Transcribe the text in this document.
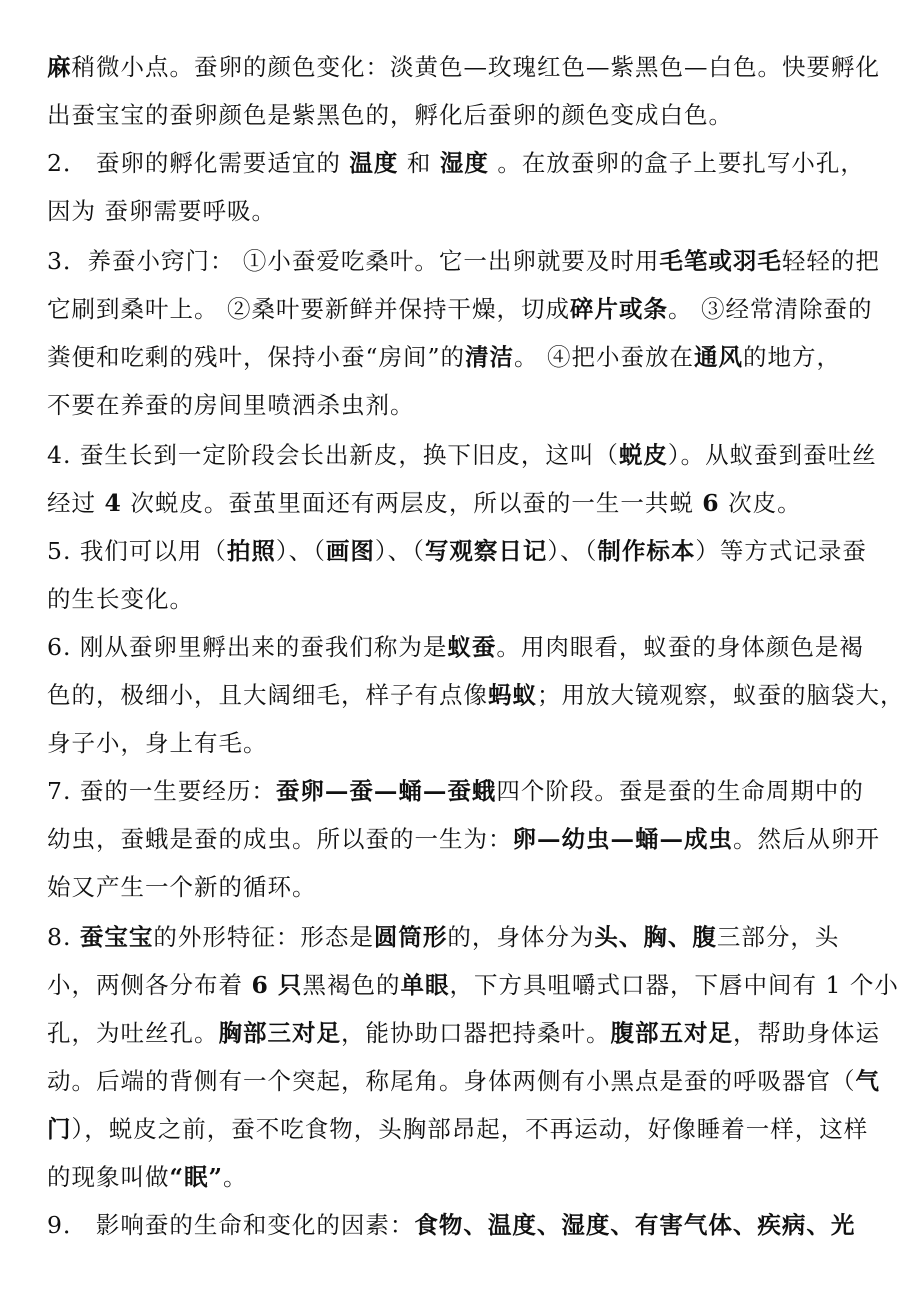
麻稍微小点。蚕卵的颜色变化：淡黄色—玫瑰红色—紫黑色—白色。快要孵化
出蚕宝宝的蚕卵颜色是紫黑色的，孵化后蚕卵的颜色变成白色。
2． 蚕卵的孵化需要适宜的 温度 和 湿度 。在放蚕卵的盒子上要扎写小孔，
因为 蚕卵需要呼吸。
3．养蚕小窍门： ①小蚕爱吃桑叶。它一出卵就要及时用毛笔或羽毛轻轻的把
它刷到桑叶上。 ②桑叶要新鲜并保持干燥，切成碎片或条。 ③经常清除蚕的
粪便和吃剩的残叶，保持小蚕“房间”的清洁。 ④把小蚕放在通风的地方，
不要在养蚕的房间里喷洒杀虫剂。
4. 蚕生长到一定阶段会长出新皮，换下旧皮，这叫（蜕皮）。从蚁蚕到蚕吐丝
经过 4 次蜕皮。蚕茧里面还有两层皮，所以蚕的一生一共蜕 6 次皮。
5. 我们可以用（拍照）、（画图）、（写观察日记）、（制作标本）等方式记录蚕
的生长变化。
6. 刚从蚕卵里孵出来的蚕我们称为是蚁蚕。用肉眼看，蚁蚕的身体颜色是褐
色的，极细小，且大阔细毛，样子有点像蚂蚁；用放大镜观察，蚁蚕的脑袋大，
身子小，身上有毛。
7. 蚕的一生要经历：蚕卵—蚕—蛹—蚕蛾四个阶段。蚕是蚕的生命周期中的
幼虫，蚕蛾是蚕的成虫。所以蚕的一生为：卵—幼虫—蛹—成虫。然后从卵开
始又产生一个新的循环。
8. 蚕宝宝的外形特征：形态是圆筒形的，身体分为头、胸、腹三部分，头
小，两侧各分布着 6 只黑褐色的单眼，下方具咀嚼式口器，下唇中间有 1 个小
孔，为吐丝孔。胸部三对足，能协助口器把持桑叶。腹部五对足，帮助身体运
动。后端的背侧有一个突起，称尾角。身体两侧有小黑点是蚕的呼吸器官（气
门），蜕皮之前，蚕不吃食物，头胸部昂起，不再运动，好像睡着一样，这样
的现象叫做“眠”。
9． 影响蚕的生命和变化的因素：食物、温度、湿度、有害气体、疾病、光
